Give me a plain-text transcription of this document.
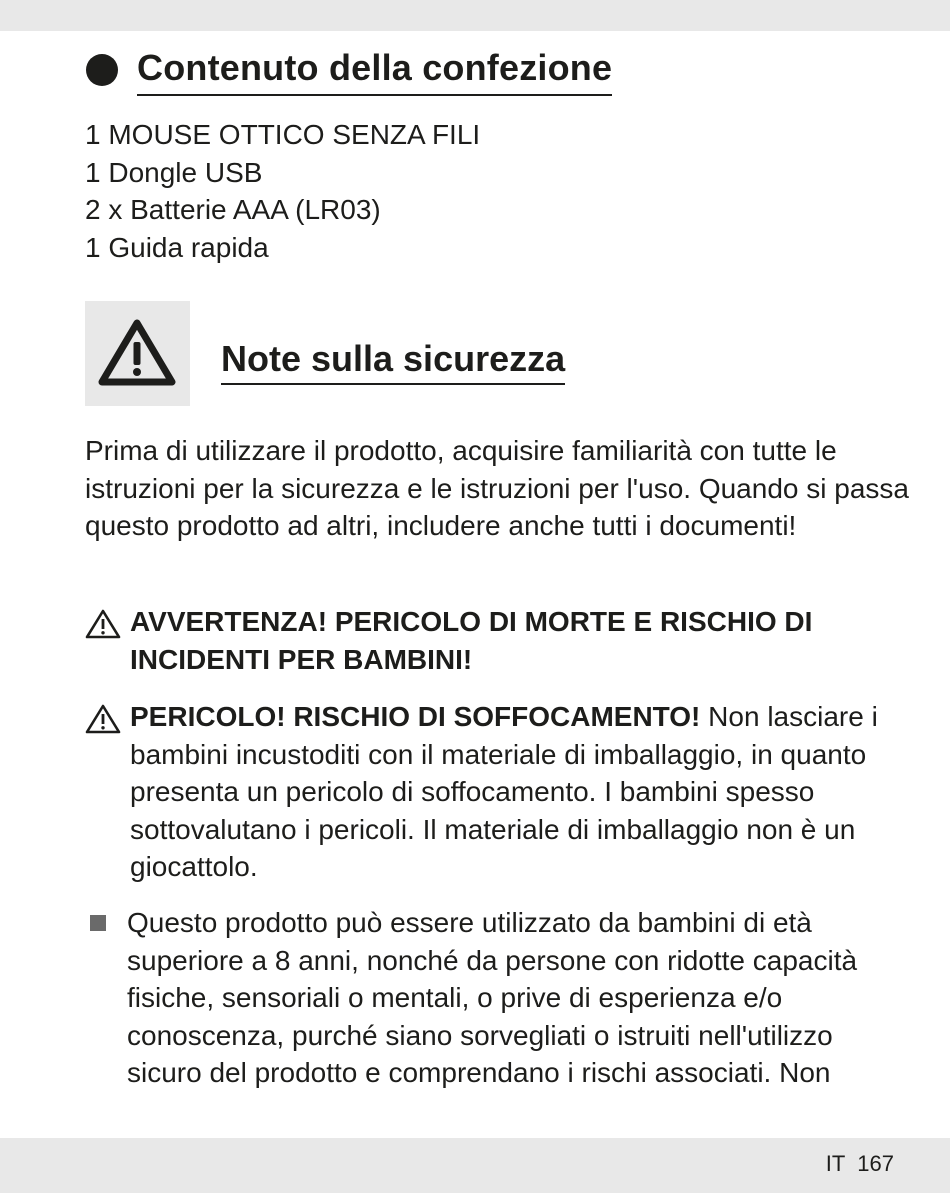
Contenuto della confezione
1 MOUSE OTTICO SENZA FILI
1 Dongle USB
2 x Batterie AAA (LR03)
1 Guida rapida
Note sulla sicurezza

Prima di utilizzare il prodotto, acquisire familiarità con tutte le istruzioni per la sicurezza e le istruzioni per l'uso. Quando si passa questo prodotto ad altri, includere anche tutti i documenti!

AVVERTENZA! PERICOLO DI MORTE E RISCHIO DI INCIDENTI PER BAMBINI!
PERICOLO! RISCHIO DI SOFFOCAMENTO! Non lasciare i bambini incustoditi con il materiale di imballaggio, in quanto presenta un pericolo di soffocamento. I bambini spesso sottovalutano i pericoli. Il materiale di imballaggio non è un giocattolo.
Questo prodotto può essere utilizzato da bambini di età superiore a 8 anni, nonché da persone con ridotte capacità fisiche, sensoriali o mentali, o prive di esperienza e/o conoscenza, purché siano sorvegliati o istruiti nell'utilizzo sicuro del prodotto e comprendano i rischi associati. Non
IT 167
